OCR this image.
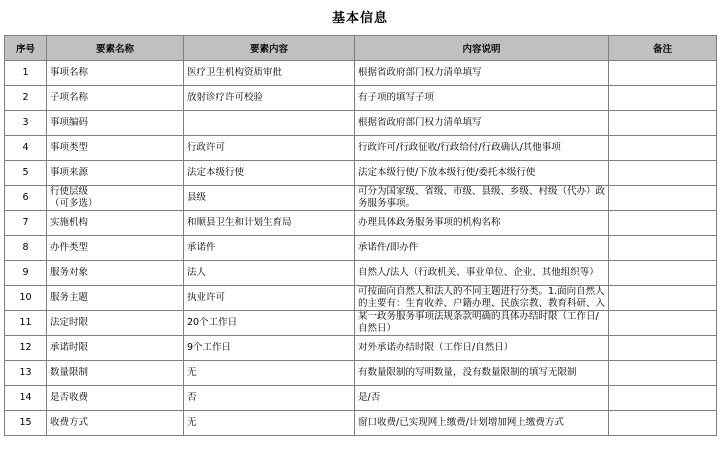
基本信息
序号	要素名称	要素内容	内容说明	备注

1	事项名称	医疗卫生机构资质审批	根据省政府部门权力清单填写	

2	子项名称	放射诊疗许可校验	有子项的填写子项	

3	事项编码		根据省政府部门权力清单填写	

4	事项类型	行政许可	行政许可/行政征收/行政给付/行政确认/其他事项	

5	事项来源	法定本级行使	法定本级行使/下放本级行使/委托本级行使	

6	行使层级
（可多选）	县级	可分为国家级、省级、市级、县级、乡级、村级（代办）政务服务事项。	

7	实施机构	和顺县卫生和计划生育局	办理具体政务服务事项的机构名称	

8	办件类型	承诺件	承诺件/即办件	

9	服务对象	法人	自然人/法人（行政机关、事业单位、企业、其他组织等）	

10	服务主题	执业许可	可按面向自然人和法人的不同主题进行分类。1.面向自然人的主要有：生育收养、户籍办理、民族宗教、教育科研、入	

11	法定时限	20个工作日	某一政务服务事项法规条款明确的具体办结时限（工作日/自然日）	

12	承诺时限	9个工作日	对外承诺办结时限（工作日/自然日）	

13	数量限制	无	有数量限制的写明数量，没有数量限制的填写无限制	

14	是否收费	否	是/否	

15	收费方式	无	窗口收费/已实现网上缴费/计划增加网上缴费方式	
